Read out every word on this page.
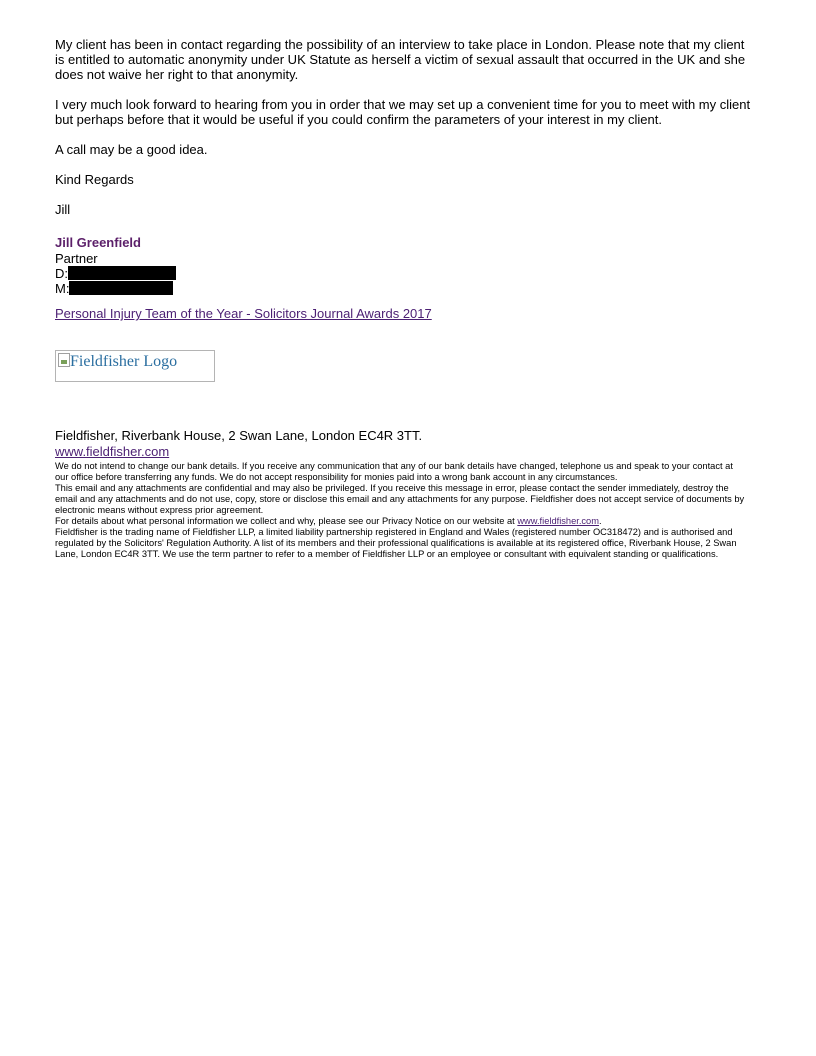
My client has been in contact regarding the possibility of an interview to take place in London. Please note that my client is entitled to automatic anonymity under UK Statute as herself a victim of sexual assault that occurred in the UK and she does not waive her right to that anonymity.

I very much look forward to hearing from you in order that we may set up a convenient time for you to meet with my client but perhaps before that it would be useful if you could confirm the parameters of your interest in my client.

A call may be a good idea.

Kind Regards

Jill

Jill Greenfield
Partner
D:
M:
Personal Injury Team of the Year - Solicitors Journal Awards 2017
Fieldfisher Logo
Fieldfisher, Riverbank House, 2 Swan Lane, London EC4R 3TT.
www.fieldfisher.com

We do not intend to change our bank details. If you receive any communication that any of our bank details have changed, telephone us and speak to your contact at our office before transferring any funds. We do not accept responsibility for monies paid into a wrong bank account in any circumstances.

This email and any attachments are confidential and may also be privileged. If you receive this message in error, please contact the sender immediately, destroy the email and any attachments and do not use, copy, store or disclose this email and any attachments for any purpose. Fieldfisher does not accept service of documents by electronic means without express prior agreement.

For details about what personal information we collect and why, please see our Privacy Notice on our website at www.fieldfisher.com.

Fieldfisher is the trading name of Fieldfisher LLP, a limited liability partnership registered in England and Wales (registered number OC318472) and is authorised and regulated by the Solicitors' Regulation Authority. A list of its members and their professional qualifications is available at its registered office, Riverbank House, 2 Swan Lane, London EC4R 3TT. We use the term partner to refer to a member of Fieldfisher LLP or an employee or consultant with equivalent standing or qualifications.
